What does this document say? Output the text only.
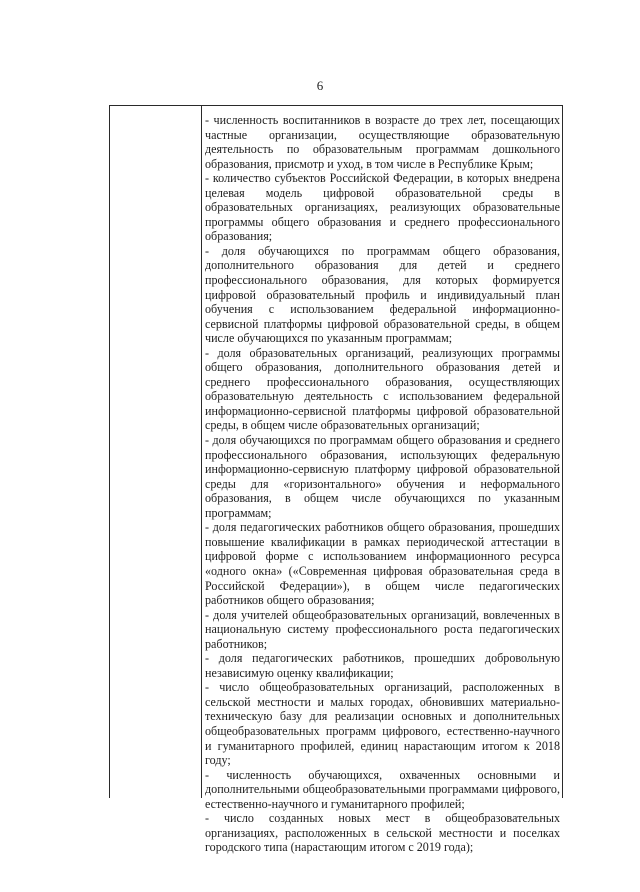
6

- численность воспитанников в возрасте до трех лет, посещающих частные организации, осуществляющие образовательную деятельность по образовательным программам дошкольного образования, присмотр и уход, в том числе в Республике Крым;

- количество субъектов Российской Федерации, в которых внедрена целевая модель цифровой образовательной среды в образовательных организациях, реализующих образовательные программы общего образования и среднего профессионального образования;

- доля обучающихся по программам общего образования, дополнительного образования для детей и среднего профессионального образования, для которых формируется цифровой образовательный профиль и индивидуальный план обучения с использованием федеральной информационно-сервисной платформы цифровой образовательной среды, в общем числе обучающихся по указанным программам;

- доля образовательных организаций, реализующих программы общего образования, дополнительного образования детей и среднего профессионального образования, осуществляющих образовательную деятельность с использованием федеральной информационно-сервисной платформы цифровой образовательной среды, в общем числе образовательных организаций;

- доля обучающихся по программам общего образования и среднего профессионального образования, использующих федеральную информационно-сервисную платформу цифровой образовательной среды для «горизонтального» обучения и неформального образования, в общем числе обучающихся по указанным программам;

- доля педагогических работников общего образования, прошедших повышение квалификации в рамках периодической аттестации в цифровой форме с использованием информационного ресурса «одного окна» («Современная цифровая образовательная среда в Российской Федерации»), в общем числе педагогических работников общего образования;

- доля учителей общеобразовательных организаций, вовлеченных в национальную систему профессионального роста педагогических работников;

- доля педагогических работников, прошедших добровольную независимую оценку квалификации;

- число общеобразовательных организаций, расположенных в сельской местности и малых городах, обновивших материально-техническую базу для реализации основных и дополнительных общеобразовательных программ цифрового, естественно-научного и гуманитарного профилей, единиц нарастающим итогом к 2018 году;

- численность обучающихся, охваченных основными и дополнительными общеобразовательными программами цифрового, естественно-научного и гуманитарного профилей;

- число созданных новых мест в общеобразовательных организациях, расположенных в сельской местности и поселках городского типа (нарастающим итогом с 2019 года);
